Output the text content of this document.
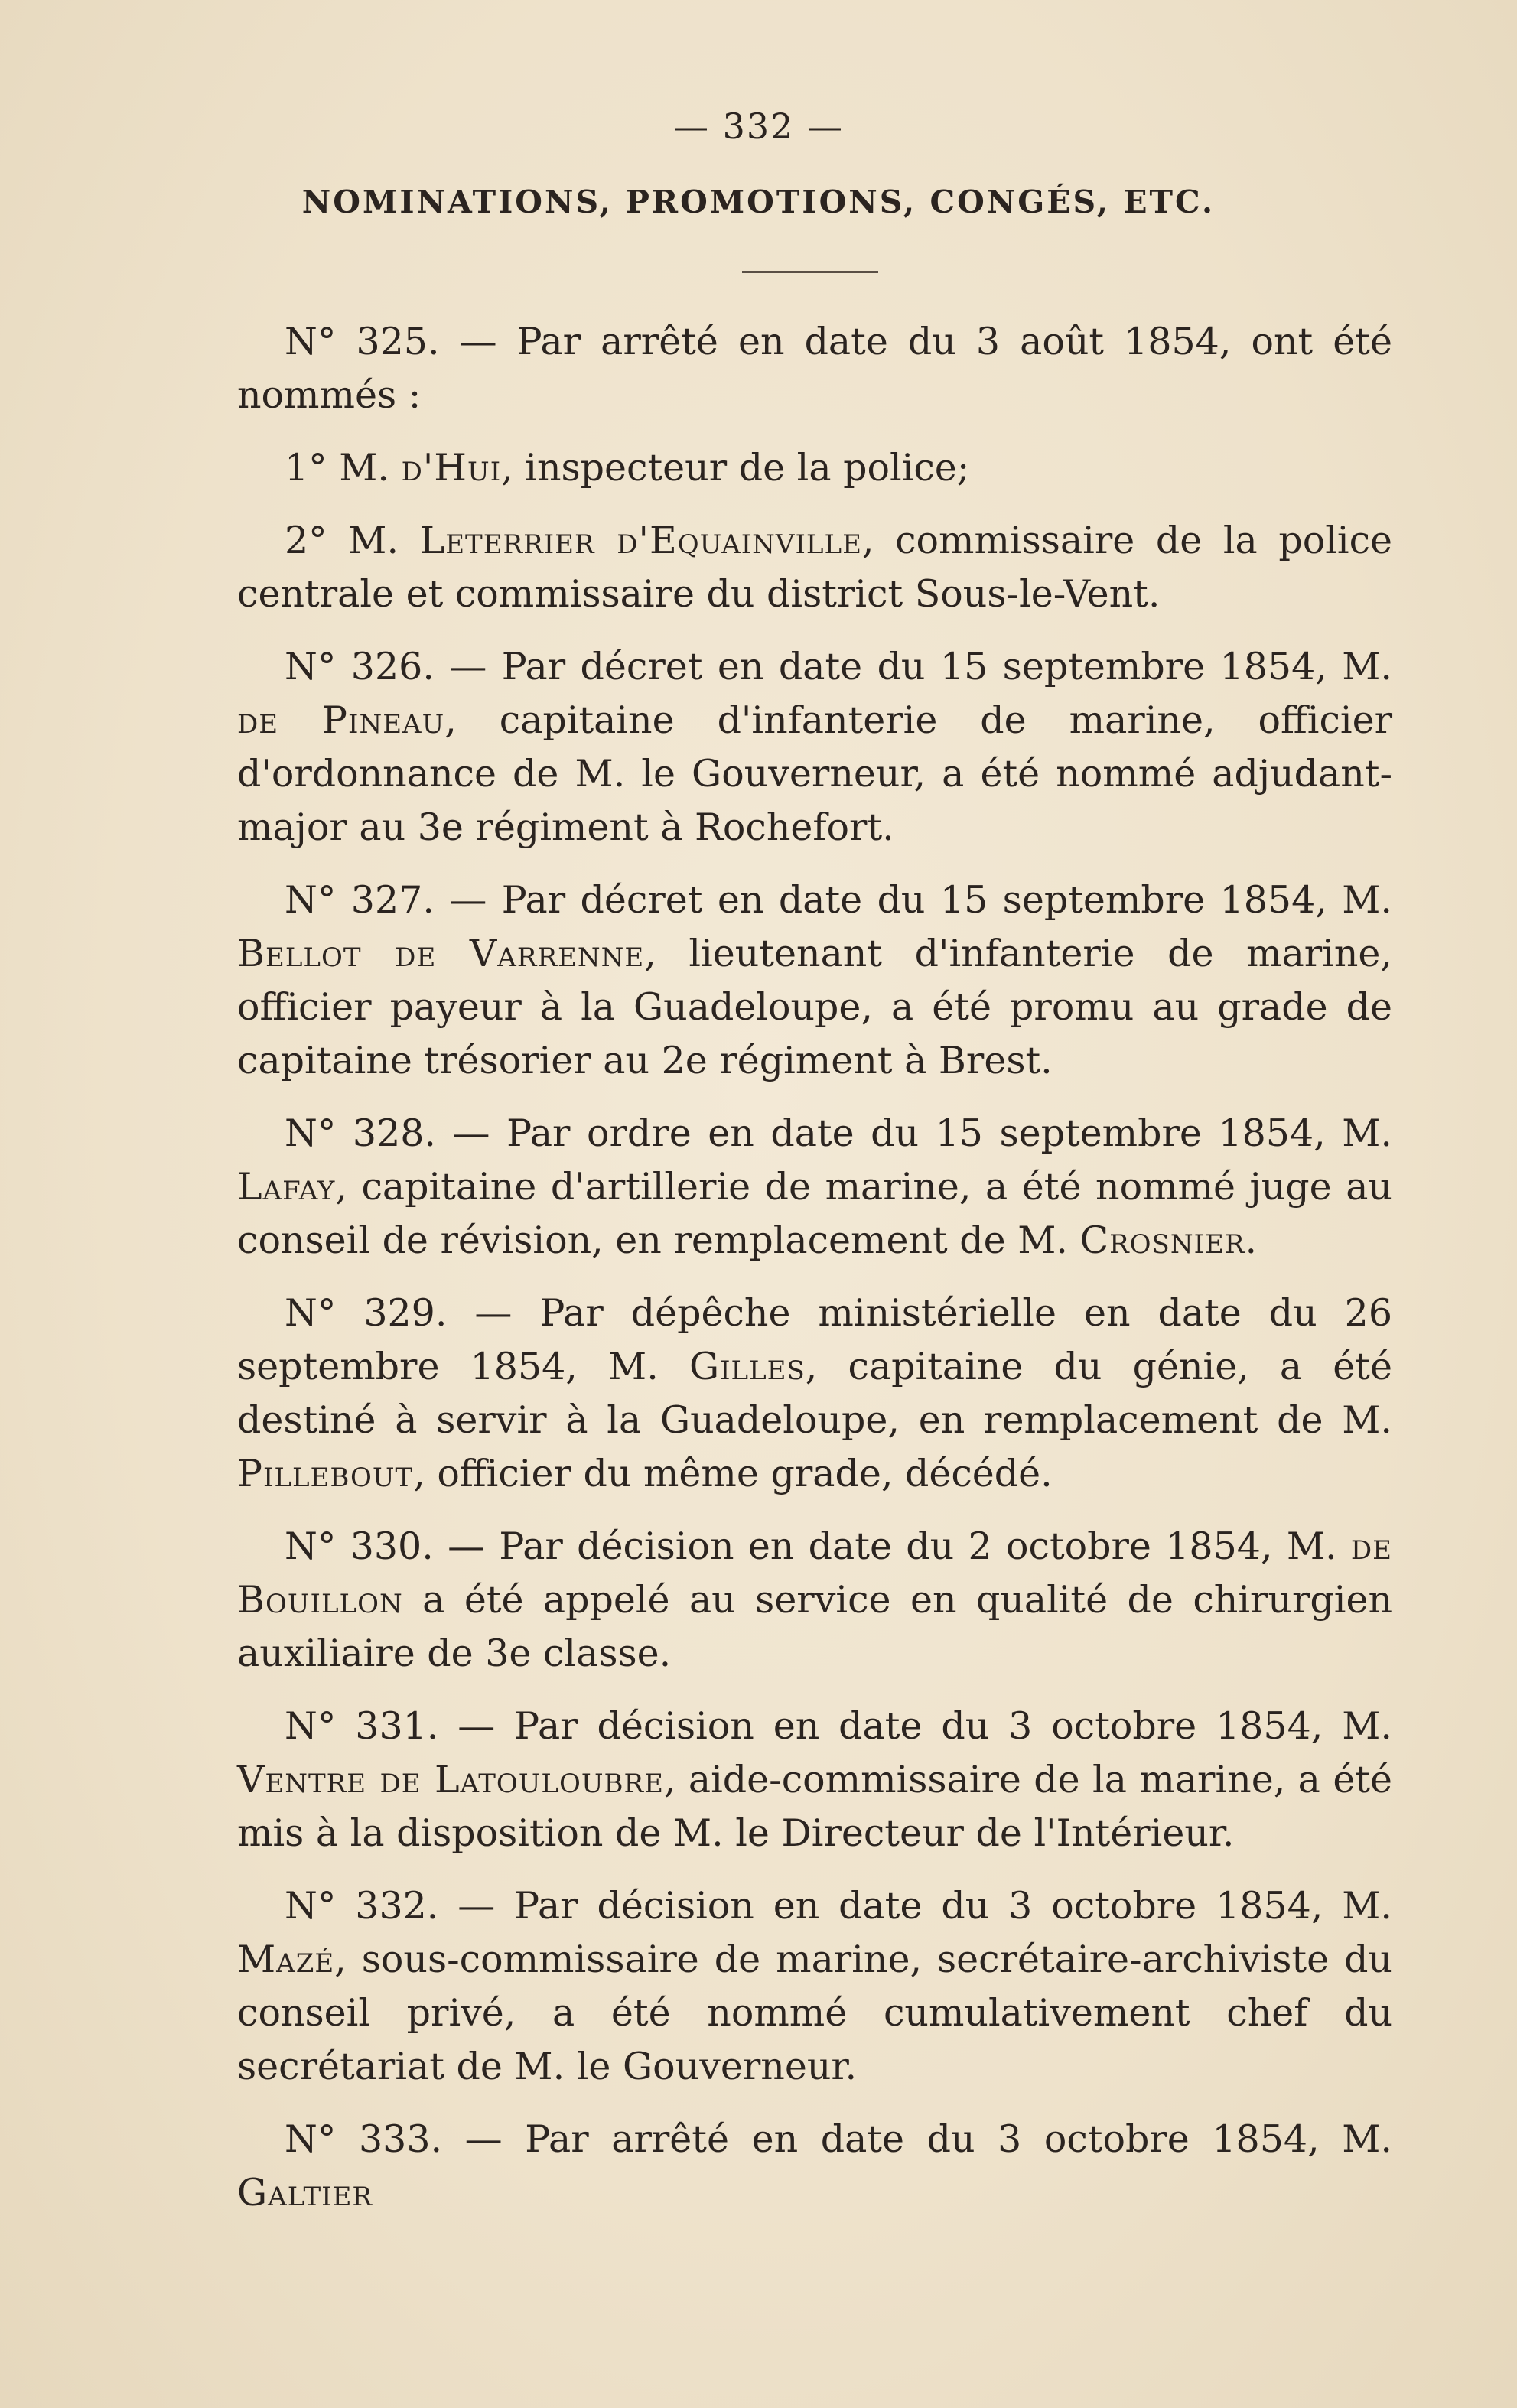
— 332 —
NOMINATIONS, PROMOTIONS, CONGÉS, ETC.

N° 325. — Par arrêté en date du 3 août 1854, ont été nommés :

1° M. d'Hui, inspecteur de la police;

2° M. Leterrier d'Equainville, commissaire de la police centrale et commissaire du district Sous-le-Vent.

N° 326. — Par décret en date du 15 septembre 1854, M. de Pineau, capitaine d'infanterie de marine, officier d'ordonnance de M. le Gouverneur, a été nommé adjudant-major au 3e régiment à Rochefort.

N° 327. — Par décret en date du 15 septembre 1854, M. Bellot de Varrenne, lieutenant d'infanterie de marine, officier payeur à la Guadeloupe, a été promu au grade de capitaine trésorier au 2e régiment à Brest.

N° 328. — Par ordre en date du 15 septembre 1854, M. Lafay, capitaine d'artillerie de marine, a été nommé juge au conseil de révision, en remplacement de M. Crosnier.

N° 329. — Par dépêche ministérielle en date du 26 septembre 1854, M. Gilles, capitaine du génie, a été destiné à servir à la Guadeloupe, en remplacement de M. Pillebout, officier du même grade, décédé.

N° 330. — Par décision en date du 2 octobre 1854, M. de Bouillon a été appelé au service en qualité de chirurgien auxiliaire de 3e classe.

N° 331. — Par décision en date du 3 octobre 1854, M. Ventre de Latouloubre, aide-commissaire de la marine, a été mis à la disposition de M. le Directeur de l'Intérieur.

N° 332. — Par décision en date du 3 octobre 1854, M. Mazé, sous-commissaire de marine, secrétaire-archiviste du conseil privé, a été nommé cumulativement chef du secrétariat de M. le Gouverneur.

N° 333. — Par arrêté en date du 3 octobre 1854, M. Galtier
